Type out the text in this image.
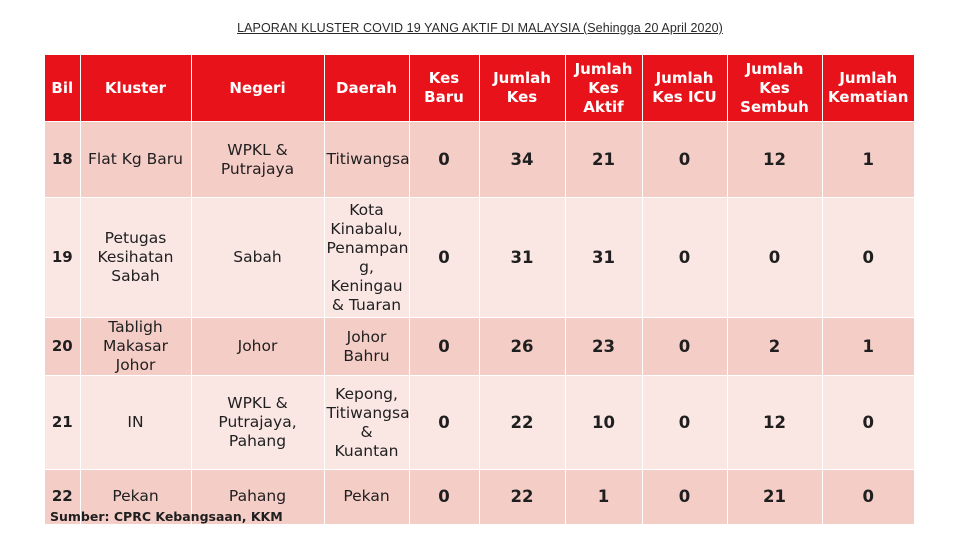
LAPORAN KLUSTER COVID 19 YANG AKTIF DI MALAYSIA (Sehingga 20 April 2020)
Bil	Kluster	Negeri	Daerah	Kes Baru	Jumlah Kes	Jumlah Kes Aktif	Jumlah Kes ICU	Jumlah Kes Sembuh	Jumlah Kematian
18	Flat Kg Baru	WPKL & Putrajaya	Titiwangsa	0	34	21	0	12	1
19	Petugas Kesihatan Sabah	Sabah	Kota Kinabalu, Penampan g, Keningau & Tuaran	0	31	31	0	0	0
20	Tabligh Makasar Johor	Johor	Johor Bahru	0	26	23	0	2	1
21	IN	WPKL & Putrajaya, Pahang	Kepong, Titiwangsa & Kuantan	0	22	10	0	12	0
22	Pekan	Pahang	Pekan	0	22	1	0	21	0
Sumber: CPRC Kebangsaan, KKM
